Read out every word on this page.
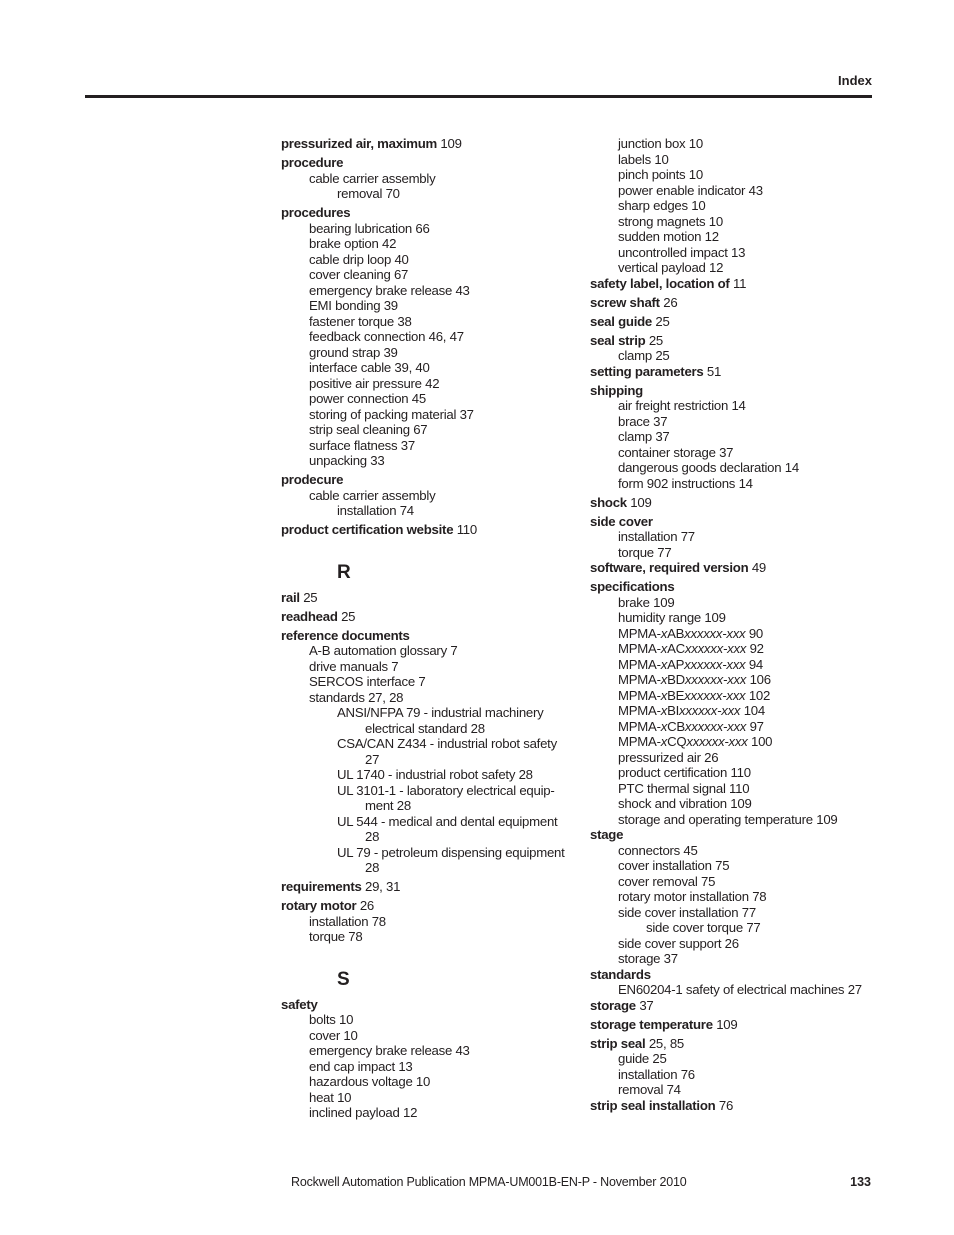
Index
pressurized air, maximum 109
procedure
cable carrier assembly
removal 70
procedures
bearing lubrication 66
brake option 42
cable drip loop 40
cover cleaning 67
emergency brake release 43
EMI bonding 39
fastener torque 38
feedback connection 46, 47
ground strap 39
interface cable 39, 40
positive air pressure 42
power connection 45
storing of packing material 37
strip seal cleaning 67
surface flatness 37
unpacking 33
prodecure
cable carrier assembly
installation 74
product certification website 110
R
rail 25
readhead 25
reference documents
A-B automation glossary 7
drive manuals 7
SERCOS interface 7
standards 27, 28
ANSI/NFPA 79 - industrial machinery
electrical standard 28
CSA/CAN Z434 - industrial robot safety
27
UL 1740 - industrial robot safety 28
UL 3101-1 - laboratory electrical equip-
ment 28
UL 544 - medical and dental equipment
28
UL 79 - petroleum dispensing equipment
28
requirements 29, 31
rotary motor 26
installation 78
torque 78
S
safety
bolts 10
cover 10
emergency brake release 43
end cap impact 13
hazardous voltage 10
heat 10
inclined payload 12
junction box 10
labels 10
pinch points 10
power enable indicator 43
sharp edges 10
strong magnets 10
sudden motion 12
uncontrolled impact 13
vertical payload 12
safety label, location of 11
screw shaft 26
seal guide 25
seal strip 25
clamp 25
setting parameters 51
shipping
air freight restriction 14
brace 37
clamp 37
container storage 37
dangerous goods declaration 14
form 902 instructions 14
shock 109
side cover
installation 77
torque 77
software, required version 49
specifications
brake 109
humidity range 109
MPMA-xABxxxxxx-xxx 90
MPMA-xACxxxxxx-xxx 92
MPMA-xAPxxxxxx-xxx 94
MPMA-xBDxxxxxx-xxx 106
MPMA-xBExxxxxx-xxx 102
MPMA-xBIxxxxxx-xxx 104
MPMA-xCBxxxxxx-xxx 97
MPMA-xCQxxxxxx-xxx 100
pressurized air 26
product certification 110
PTC thermal signal 110
shock and vibration 109
storage and operating temperature 109
stage
connectors 45
cover installation 75
cover removal 75
rotary motor installation 78
side cover installation 77
side cover torque 77
side cover support 26
storage 37
standards
EN60204-1 safety of electrical machines 27
storage 37
storage temperature 109
strip seal 25, 85
guide 25
installation 76
removal 74
strip seal installation 76
Rockwell Automation Publication MPMA-UM001B-EN-P - November 2010	133
